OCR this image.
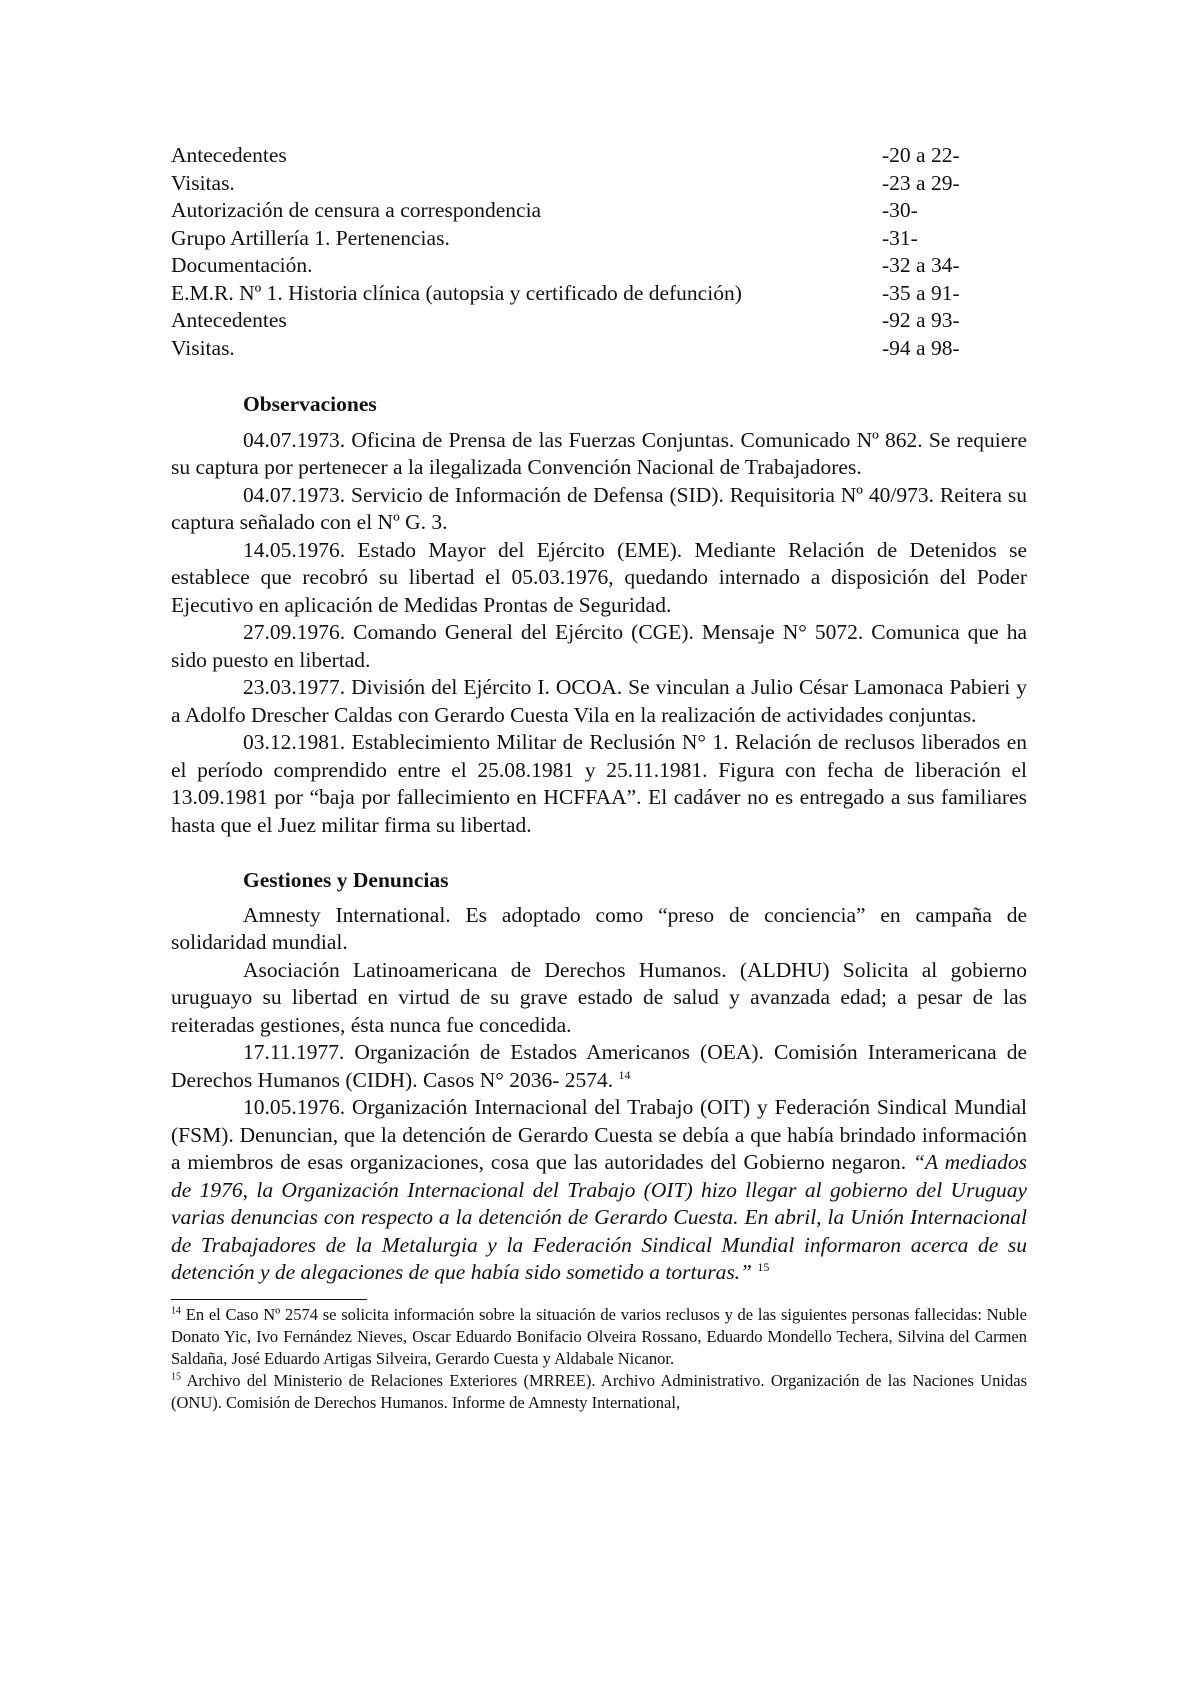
Antecedentes	-20 a 22-
Visitas.	-23 a 29-
Autorización de censura a correspondencia	-30-
Grupo Artillería 1. Pertenencias.	-31-
Documentación.	-32 a 34-
E.M.R. Nº 1. Historia clínica (autopsia y certificado de defunción)	-35 a 91-
Antecedentes	-92 a 93-
Visitas.	-94 a 98-
Observaciones

04.07.1973. Oficina de Prensa de las Fuerzas Conjuntas. Comunicado Nº 862. Se requiere su captura por pertenecer a la ilegalizada Convención Nacional de Trabajadores.

04.07.1973. Servicio de Información de Defensa (SID). Requisitoria Nº 40/973. Reitera su captura señalado con el Nº G. 3.

14.05.1976. Estado Mayor del Ejército (EME). Mediante Relación de Detenidos se establece que recobró su libertad el 05.03.1976, quedando internado a disposición del Poder Ejecutivo en aplicación de Medidas Prontas de Seguridad.

27.09.1976. Comando General del Ejército (CGE). Mensaje N° 5072. Comunica que ha sido puesto en libertad.

23.03.1977. División del Ejército I. OCOA. Se vinculan a Julio César Lamonaca Pabieri y a Adolfo Drescher Caldas con Gerardo Cuesta Vila en la realización de actividades conjuntas.

03.12.1981. Establecimiento Militar de Reclusión N° 1. Relación de reclusos liberados en el período comprendido entre el 25.08.1981 y 25.11.1981. Figura con fecha de liberación el 13.09.1981 por “baja por fallecimiento en HCFFAA”. El cadáver no es entregado a sus familiares hasta que el Juez militar firma su libertad.

Gestiones y Denuncias

Amnesty International. Es adoptado como “preso de conciencia” en campaña de solidaridad mundial.

Asociación Latinoamericana de Derechos Humanos. (ALDHU) Solicita al gobierno uruguayo su libertad en virtud de su grave estado de salud y avanzada edad; a pesar de las reiteradas gestiones, ésta nunca fue concedida.

17.11.1977. Organización de Estados Americanos (OEA). Comisión Interamericana de Derechos Humanos (CIDH). Casos N° 2036- 2574. $^{14}$

10.05.1976. Organización Internacional del Trabajo (OIT) y Federación Sindical Mundial (FSM). Denuncian, que la detención de Gerardo Cuesta se debía a que había brindado información a miembros de esas organizaciones, cosa que las autoridades del Gobierno negaron. “A mediados de 1976, la Organización Internacional del Trabajo (OIT) hizo llegar al gobierno del Uruguay varias denuncias con respecto a la detención de Gerardo Cuesta. En abril, la Unión Internacional de Trabajadores de la Metalurgia y la Federación Sindical Mundial informaron acerca de su detención y de alegaciones de que había sido sometido a torturas.” $^{15}$

$^{14}$ En el Caso Nº 2574 se solicita información sobre la situación de varios reclusos y de las siguientes personas fallecidas: Nuble Donato Yic, Ivo Fernández Nieves, Oscar Eduardo Bonifacio Olveira Rossano, Eduardo Mondello Techera, Silvina del Carmen Saldaña, José Eduardo Artigas Silveira, Gerardo Cuesta y Aldabale Nicanor.

$^{15}$ Archivo del Ministerio de Relaciones Exteriores (MRREE). Archivo Administrativo. Organización de las Naciones Unidas (ONU). Comisión de Derechos Humanos. Informe de Amnesty International,
